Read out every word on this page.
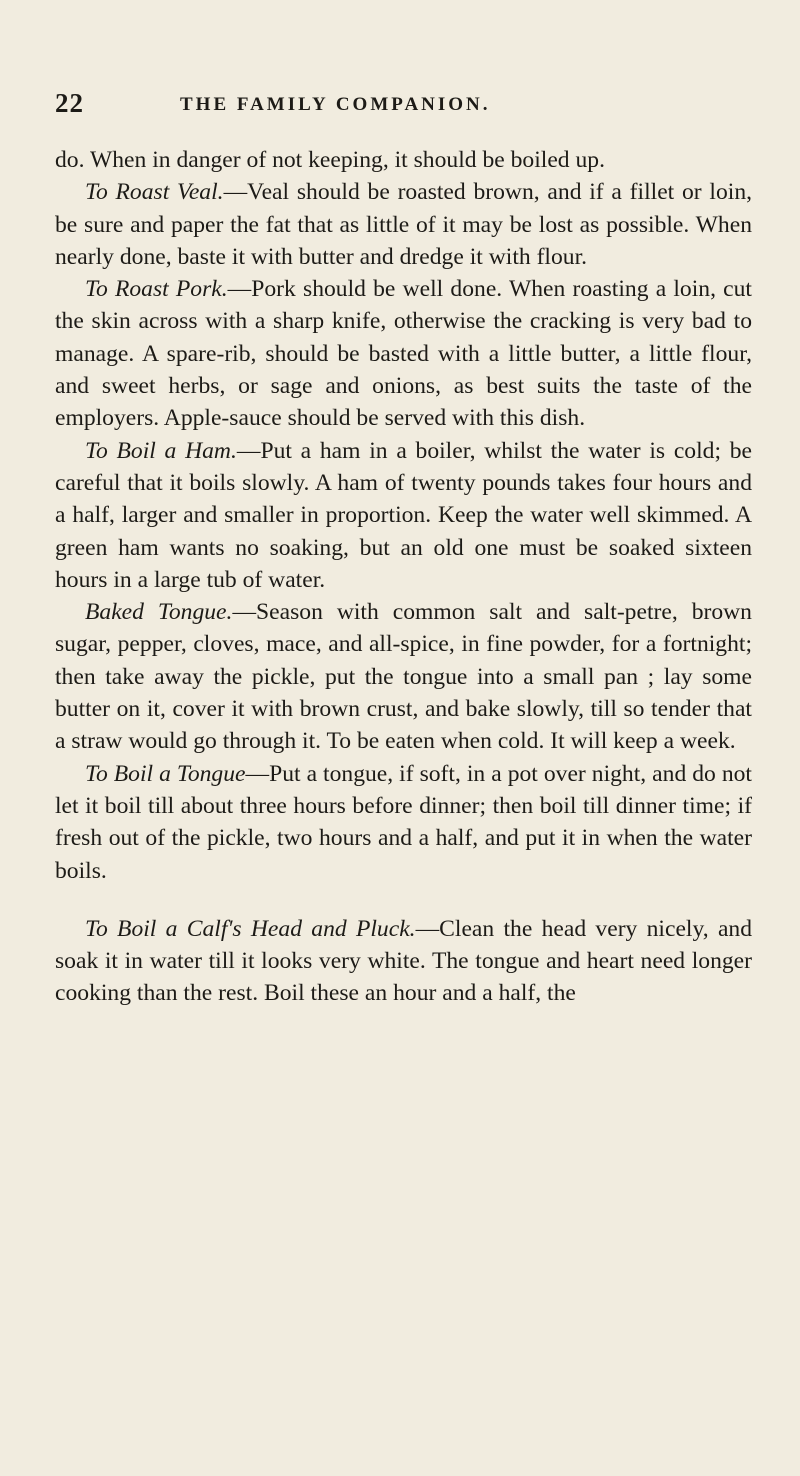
22	THE FAMILY COMPANION.

do. When in danger of not keeping, it should be boiled up.

To Roast Veal.—Veal should be roasted brown, and if a fillet or loin, be sure and paper the fat that as little of it may be lost as possible. When nearly done, baste it with butter and dredge it with flour.

To Roast Pork.—Pork should be well done. When roasting a loin, cut the skin across with a sharp knife, otherwise the cracking is very bad to manage. A spare-rib, should be basted with a little butter, a little flour, and sweet herbs, or sage and onions, as best suits the taste of the employers. Apple-sauce should be served with this dish.

To Boil a Ham.—Put a ham in a boiler, whilst the water is cold; be careful that it boils slowly. A ham of twenty pounds takes four hours and a half, larger and smaller in proportion. Keep the water well skimmed. A green ham wants no soaking, but an old one must be soaked sixteen hours in a large tub of water.

Baked Tongue.—Season with common salt and salt-petre, brown sugar, pepper, cloves, mace, and all-spice, in fine powder, for a fortnight; then take away the pickle, put the tongue into a small pan ; lay some butter on it, cover it with brown crust, and bake slowly, till so tender that a straw would go through it. To be eaten when cold. It will keep a week.

To Boil a Tongue—Put a tongue, if soft, in a pot over night, and do not let it boil till about three hours before dinner; then boil till dinner time; if fresh out of the pickle, two hours and a half, and put it in when the water boils.

To Boil a Calf's Head and Pluck.—Clean the head very nicely, and soak it in water till it looks very white. The tongue and heart need longer cooking than the rest. Boil these an hour and a half, the
